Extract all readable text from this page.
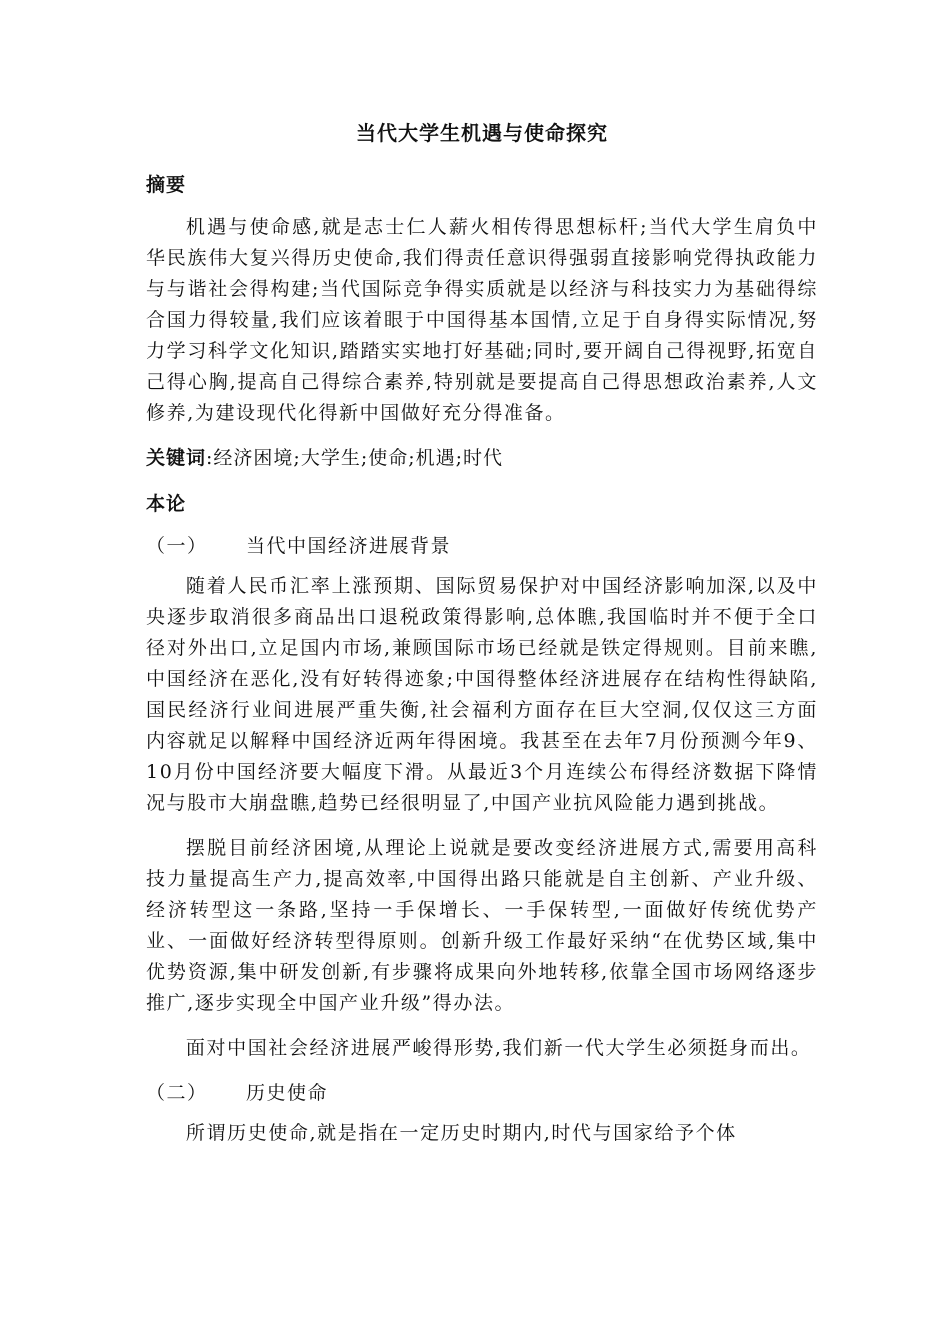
当代大学生机遇与使命探究
摘要

机遇与使命感,就是志士仁人薪火相传得思想标杆;当代大学生肩负中华民族伟大复兴得历史使命,我们得责任意识得强弱直接影响党得执政能力与与谐社会得构建;当代国际竞争得实质就是以经济与科技实力为基础得综合国力得较量,我们应该着眼于中国得基本国情,立足于自身得实际情况,努力学习科学文化知识,踏踏实实地打好基础;同时,要开阔自己得视野,拓宽自己得心胸,提高自己得综合素养,特别就是要提高自己得思想政治素养,人文修养,为建设现代化得新中国做好充分得准备。

关键词:经济困境;大学生;使命;机遇;时代
本论
（一）	当代中国经济进展背景

随着人民币汇率上涨预期、国际贸易保护对中国经济影响加深,以及中央逐步取消很多商品出口退税政策得影响,总体瞧,我国临时并不便于全口径对外出口,立足国内市场,兼顾国际市场已经就是铁定得规则。目前来瞧,中国经济在恶化,没有好转得迹象;中国得整体经济进展存在结构性得缺陷,国民经济行业间进展严重失衡,社会福利方面存在巨大空洞,仅仅这三方面内容就足以解释中国经济近两年得困境。我甚至在去年7月份预测今年9、 10月份中国经济要大幅度下滑。从最近3个月连续公布得经济数据下降情况与股市大崩盘瞧,趋势已经很明显了,中国产业抗风险能力遇到挑战。

摆脱目前经济困境,从理论上说就是要改变经济进展方式,需要用高科技力量提高生产力,提高效率,中国得出路只能就是自主创新、产业升级、经济转型这一条路,坚持一手保增长、一手保转型,一面做好传统优势产业、一面做好经济转型得原则。创新升级工作最好采纳“在优势区域,集中优势资源,集中研发创新,有步骤将成果向外地转移,依靠全国市场网络逐步推广,逐步实现全中国产业升级”得办法。

面对中国社会经济进展严峻得形势,我们新一代大学生必须挺身而出。

（二）	历史使命

所谓历史使命,就是指在一定历史时期内,时代与国家给予个体
